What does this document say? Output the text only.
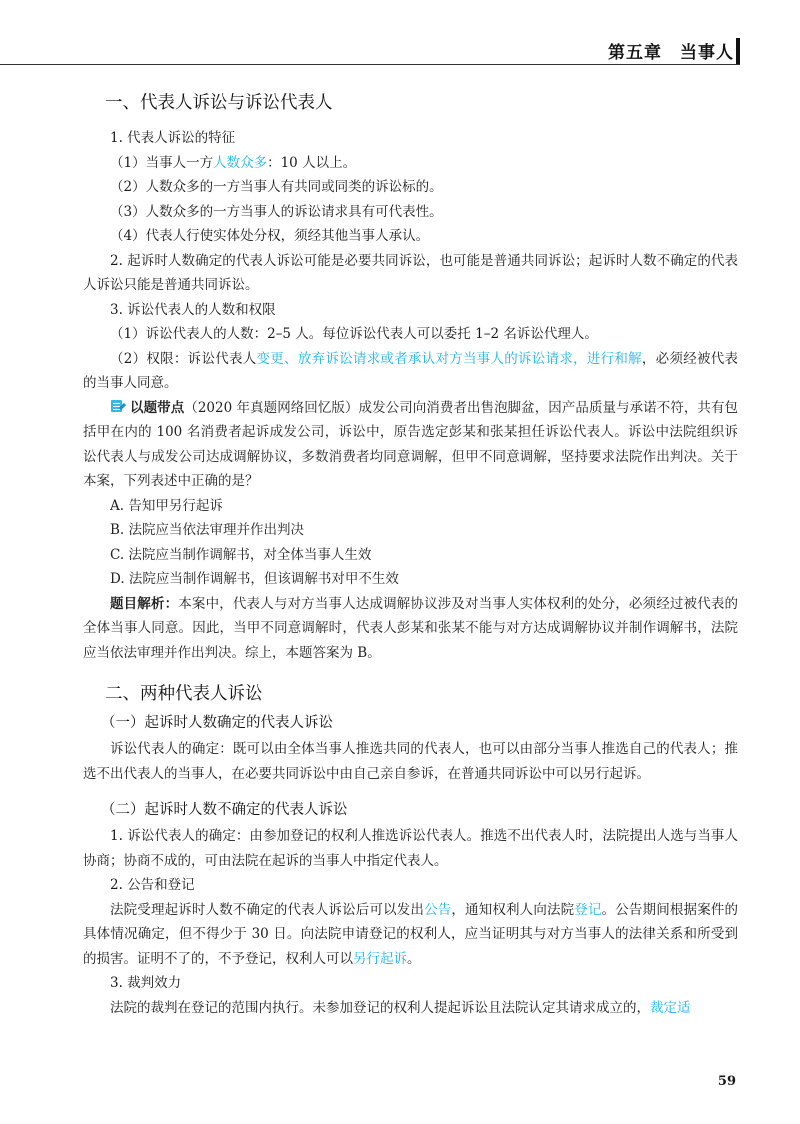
第五章　当事人
一、代表人诉讼与诉讼代表人

1. 代表人诉讼的特征

（1）当事人一方人数众多：10 人以上。

（2）人数众多的一方当事人有共同或同类的诉讼标的。

（3）人数众多的一方当事人的诉讼请求具有可代表性。

（4）代表人行使实体处分权，须经其他当事人承认。

2. 起诉时人数确定的代表人诉讼可能是必要共同诉讼，也可能是普通共同诉讼；起诉时人数不确定的代表人诉讼只能是普通共同诉讼。

3. 诉讼代表人的人数和权限

（1）诉讼代表人的人数：2–5 人。每位诉讼代表人可以委托 1–2 名诉讼代理人。

（2）权限：诉讼代表人变更、放弃诉讼请求或者承认对方当事人的诉讼请求，进行和解，必须经被代表的当事人同意。

以题带点（2020 年真题网络回忆版）成发公司向消费者出售泡脚盆，因产品质量与承诺不符，共有包括甲在内的 100 名消费者起诉成发公司，诉讼中，原告选定彭某和张某担任诉讼代表人。诉讼中法院组织诉讼代表人与成发公司达成调解协议，多数消费者均同意调解，但甲不同意调解，坚持要求法院作出判决。关于本案，下列表述中正确的是？

A. 告知甲另行起诉

B. 法院应当依法审理并作出判决

C. 法院应当制作调解书，对全体当事人生效

D. 法院应当制作调解书，但该调解书对甲不生效

题目解析：本案中，代表人与对方当事人达成调解协议涉及对当事人实体权利的处分，必须经过被代表的全体当事人同意。因此，当甲不同意调解时，代表人彭某和张某不能与对方达成调解协议并制作调解书，法院应当依法审理并作出判决。综上，本题答案为 B。

二、两种代表人诉讼
（一）起诉时人数确定的代表人诉讼

诉讼代表人的确定：既可以由全体当事人推选共同的代表人，也可以由部分当事人推选自己的代表人；推选不出代表人的当事人，在必要共同诉讼中由自己亲自参诉，在普通共同诉讼中可以另行起诉。

（二）起诉时人数不确定的代表人诉讼

1. 诉讼代表人的确定：由参加登记的权利人推选诉讼代表人。推选不出代表人时，法院提出人选与当事人协商；协商不成的，可由法院在起诉的当事人中指定代表人。

2. 公告和登记

法院受理起诉时人数不确定的代表人诉讼后可以发出公告，通知权利人向法院登记。公告期间根据案件的具体情况确定，但不得少于 30 日。向法院申请登记的权利人，应当证明其与对方当事人的法律关系和所受到的损害。证明不了的，不予登记，权利人可以另行起诉。

3. 裁判效力

法院的裁判在登记的范围内执行。未参加登记的权利人提起诉讼且法院认定其请求成立的，裁定适

59
